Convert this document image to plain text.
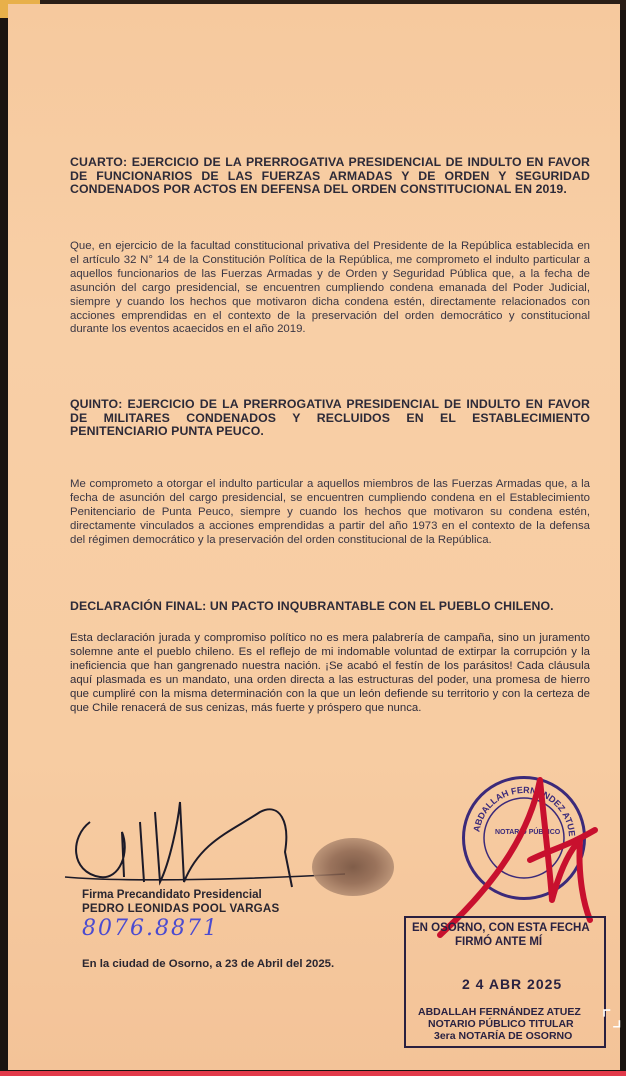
CUARTO: EJERCICIO DE LA PRERROGATIVA PRESIDENCIAL DE INDULTO EN FAVOR DE FUNCIONARIOS DE LAS FUERZAS ARMADAS Y DE ORDEN Y SEGURIDAD CONDENADOS POR ACTOS EN DEFENSA DEL ORDEN CONSTITUCIONAL EN 2019.
Que, en ejercicio de la facultad constitucional privativa del Presidente de la República establecida en el artículo 32 N° 14 de la Constitución Política de la República, me comprometo el indulto particular a aquellos funcionarios de las Fuerzas Armadas y de Orden y Seguridad Pública que, a la fecha de asunción del cargo presidencial, se encuentren cumpliendo condena emanada del Poder Judicial, siempre y cuando los hechos que motivaron dicha condena estén, directamente relacionados con acciones emprendidas en el contexto de la preservación del orden democrático y constitucional durante los eventos acaecidos en el año 2019.
QUINTO: EJERCICIO DE LA PRERROGATIVA PRESIDENCIAL DE INDULTO EN FAVOR DE MILITARES CONDENADOS Y RECLUIDOS EN EL ESTABLECIMIENTO PENITENCIARIO PUNTA PEUCO.
Me comprometo a otorgar el indulto particular a aquellos miembros de las Fuerzas Armadas que, a la fecha de asunción del cargo presidencial, se encuentren cumpliendo condena en el Establecimiento Penitenciario de Punta Peuco, siempre y cuando los hechos que motivaron su condena estén, directamente vinculados a acciones emprendidas a partir del año 1973 en el contexto de la defensa del régimen democrático y la preservación del orden constitucional de la República.
DECLARACIÓN FINAL: UN PACTO INQUBRANTABLE CON EL PUEBLO CHILENO.
Esta declaración jurada y compromiso político no es mera palabrería de campaña, sino un juramento solemne ante el pueblo chileno. Es el reflejo de mi indomable voluntad de extirpar la corrupción y la ineficiencia que han gangrenado nuestra nación. ¡Se acabó el festín de los parásitos! Cada cláusula aquí plasmada es un mandato, una orden directa a las estructuras del poder, una promesa de hierro que cumpliré con la misma determinación con la que un león defiende su territorio y con la certeza de que Chile renacerá de sus cenizas, más fuerte y próspero que nunca.
Firma Precandidato Presidencial
PEDRO LEONIDAS POOL VARGAS
8076.8871
En la ciudad de Osorno, a 23 de Abril del 2025.
ABDALLAH FERNÁNDEZ ATUE
NOTARIO PÚBLICO
EN OSORNO, CON ESTA FECHA
FIRMÓ ANTE MÍ
2 4 ABR 2025
ABDALLAH FERNÁNDEZ ATUEZ
NOTARIO PÚBLICO TITULAR
3era NOTARÍA DE OSORNO
⌜⌟
